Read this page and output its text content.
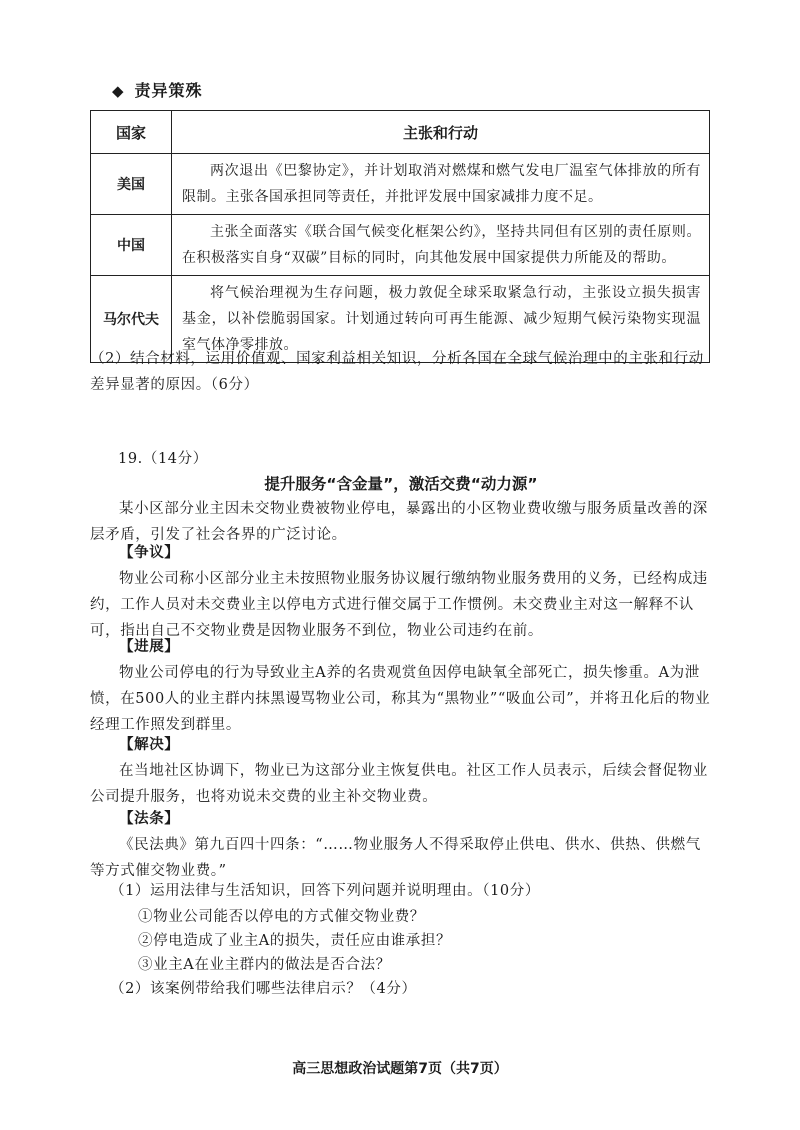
◆ 责异策殊
国家	主张和行动
美国	两次退出《巴黎协定》，并计划取消对燃煤和燃气发电厂温室气体排放的所有限制。主张各国承担同等责任，并批评发展中国家减排力度不足。
中国	主张全面落实《联合国气候变化框架公约》，坚持共同但有区别的责任原则。在积极落实自身“双碳”目标的同时，向其他发展中国家提供力所能及的帮助。
马尔代夫	将气候治理视为生存问题，极力敦促全球采取紧急行动，主张设立损失损害基金，以补偿脆弱国家。计划通过转向可再生能源、减少短期气候污染物实现温室气体净零排放。
（2）结合材料，运用价值观、国家利益相关知识，分析各国在全球气候治理中的主张和行动差异显著的原因。（6分）
19.（14分）
提升服务“含金量”，激活交费“动力源”
某小区部分业主因未交物业费被物业停电，暴露出的小区物业费收缴与服务质量改善的深层矛盾，引发了社会各界的广泛讨论。
【争议】
物业公司称小区部分业主未按照物业服务协议履行缴纳物业服务费用的义务，已经构成违约，工作人员对未交费业主以停电方式进行催交属于工作惯例。未交费业主对这一解释不认可，指出自己不交物业费是因物业服务不到位，物业公司违约在前。
【进展】
物业公司停电的行为导致业主A养的名贵观赏鱼因停电缺氧全部死亡，损失惨重。A为泄愤，在500人的业主群内抹黑谩骂物业公司，称其为“黑物业”“吸血公司”，并将丑化后的物业经理工作照发到群里。
【解决】
在当地社区协调下，物业已为这部分业主恢复供电。社区工作人员表示，后续会督促物业公司提升服务，也将劝说未交费的业主补交物业费。
【法条】
《民法典》第九百四十四条：“……物业服务人不得采取停止供电、供水、供热、供燃气等方式催交物业费。”
（1）运用法律与生活知识，回答下列问题并说明理由。（10分）
①物业公司能否以停电的方式催交物业费？
②停电造成了业主A的损失，责任应由谁承担？
③业主A在业主群内的做法是否合法？
（2）该案例带给我们哪些法律启示？（4分）
高三思想政治试题第7页（共7页）
